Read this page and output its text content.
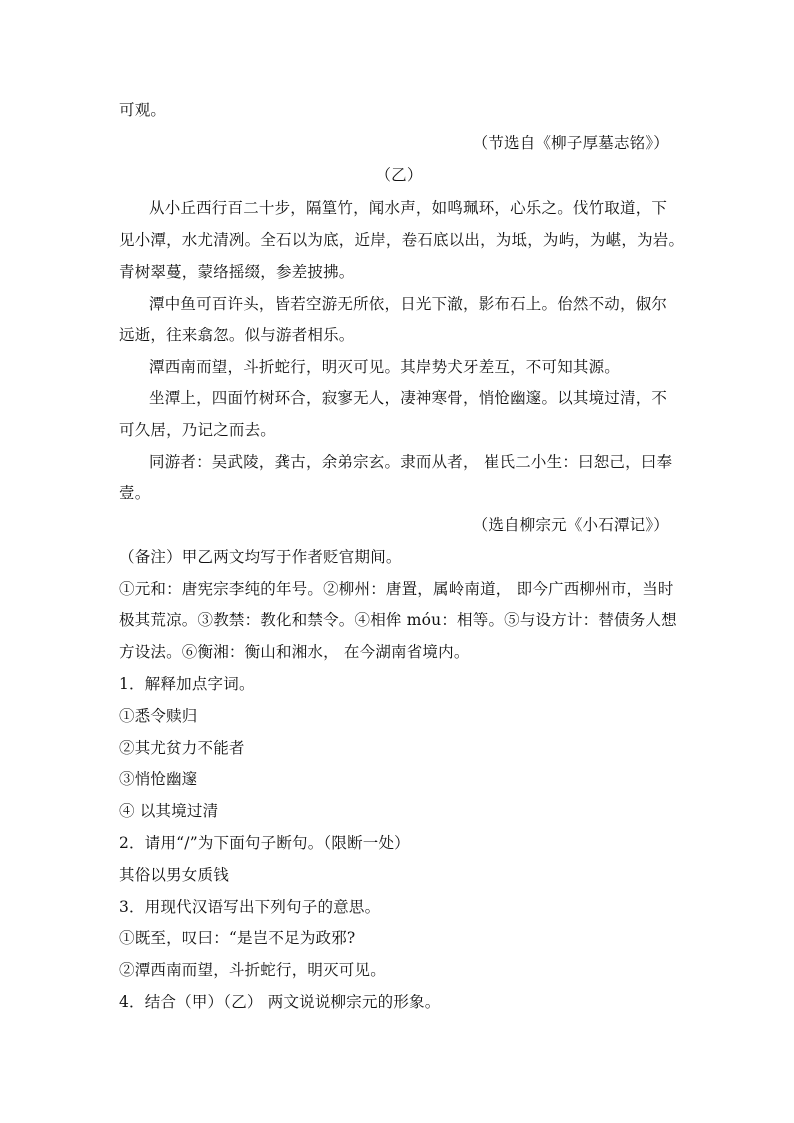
可观。
（节选自《柳子厚墓志铭》）
（乙）
从小丘西行百二十步，隔篁竹，闻水声，如鸣珮环，心乐之。伐竹取道，下
见小潭，水尤清冽。全石以为底，近岸，卷石底以出，为坻，为屿，为嵁，为岩。
青树翠蔓，蒙络摇缀，参差披拂。
潭中鱼可百许头，皆若空游无所依，日光下澈，影布石上。佁然不动，俶尔
远逝，往来翕忽。似与游者相乐。
潭西南而望，斗折蛇行，明灭可见。其岸势犬牙差互，不可知其源。
坐潭上，四面竹树环合，寂寥无人，凄神寒骨，悄怆幽邃。以其境过清，不
可久居，乃记之而去。
同游者：吴武陵，龚古，余弟宗玄。隶而从者， 崔氏二小生：曰恕己，曰奉
壹。
（选自柳宗元《小石潭记》）
（备注）甲乙两文均写于作者贬官期间。
①元和：唐宪宗李纯的年号。②柳州：唐置，属岭南道， 即今广西柳州市，当时
极其荒凉。③教禁：教化和禁令。④相侔 móu：相等。⑤与设方计：替债务人想
方设法。⑥衡湘：衡山和湘水， 在今湖南省境内。
1．解释加点字词。
①悉令赎归
②其尤贫力不能者
③悄怆幽邃
④ 以其境过清
2．请用“/”为下面句子断句。（限断一处）
其俗以男女质钱
3．用现代汉语写出下列句子的意思。
①既至，叹曰：“是岂不足为政邪?
②潭西南而望，斗折蛇行，明灭可见。
4．结合（甲）（乙） 两文说说柳宗元的形象。
